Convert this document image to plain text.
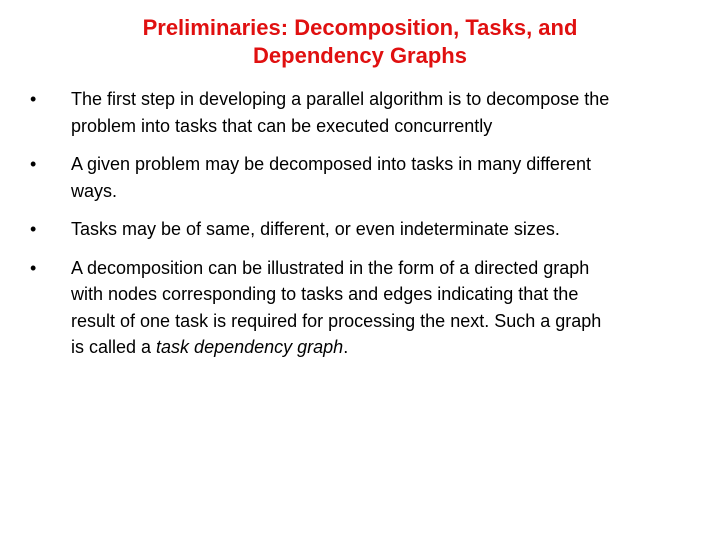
Preliminaries: Decomposition, Tasks, and
Dependency Graphs
• The first step in developing a parallel algorithm is to decompose the
problem into tasks that can be executed concurrently
• A given problem may be decomposed into tasks in many different
ways.
• Tasks may be of same, different, or even indeterminate sizes.
• A decomposition can be illustrated in the form of a directed graph
with nodes corresponding to tasks and edges indicating that the
result of one task is required for processing the next. Such a graph
is called a task dependency graph.
